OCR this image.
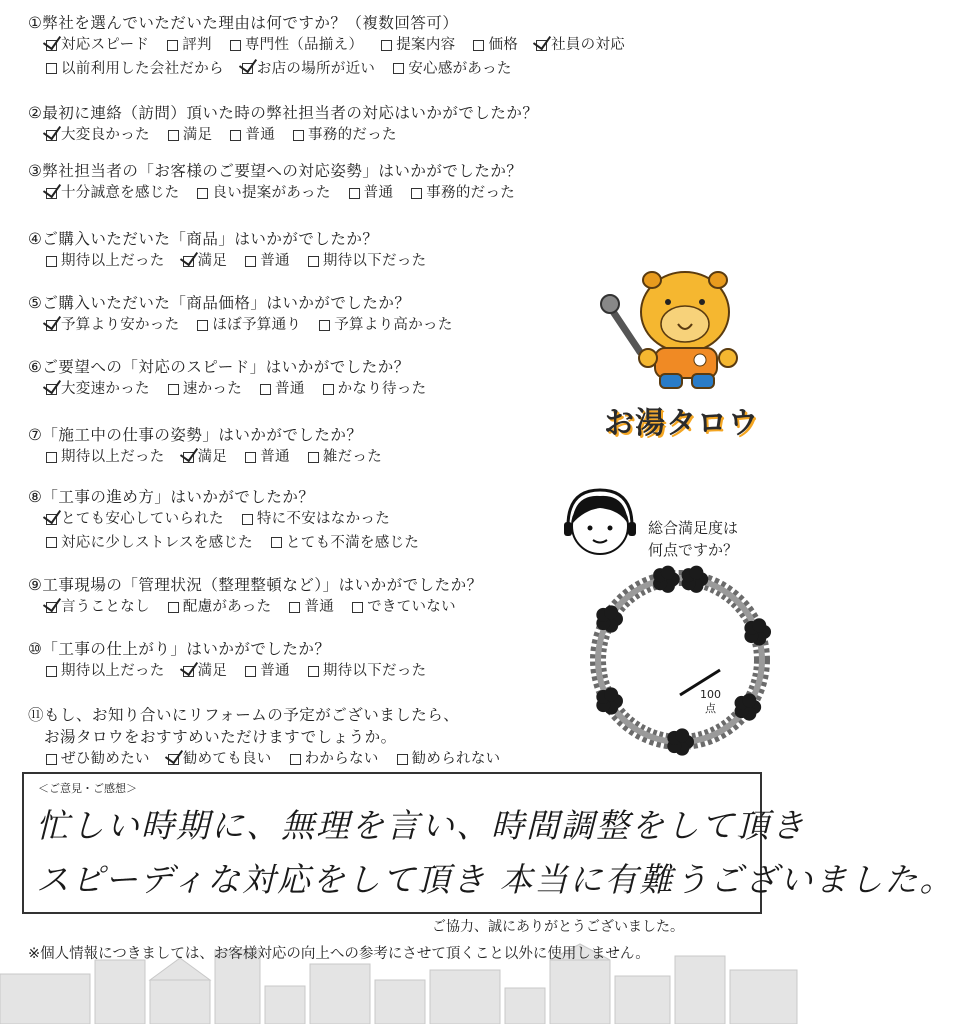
①弊社を選んでいただいた理由は何ですか？（複数回答可）
対応スピード 評判 専門性（品揃え） 提案内容 価格 社員の対応
以前利用した会社だから お店の場所が近い 安心感があった
②最初に連絡（訪問）頂いた時の弊社担当者の対応はいかがでしたか？
大変良かった 満足 普通 事務的だった
③弊社担当者の「お客様のご要望への対応姿勢」はいかがでしたか？
十分誠意を感じた 良い提案があった 普通 事務的だった
④ご購入いただいた「商品」はいかがでしたか？
期待以上だった 満足 普通 期待以下だった
⑤ご購入いただいた「商品価格」はいかがでしたか？
予算より安かった ほぼ予算通り 予算より高かった
⑥ご要望への「対応のスピード」はいかがでしたか？
大変速かった 速かった 普通 かなり待った
⑦「施工中の仕事の姿勢」はいかがでしたか？
期待以上だった 満足 普通 雑だった
⑧「工事の進め方」はいかがでしたか？
とても安心していられた 特に不安はなかった
対応に少しストレスを感じた とても不満を感じた
⑨工事現場の「管理状況（整理整頓など）」はいかがでしたか？
言うことなし 配慮があった 普通 できていない
⑩「工事の仕上がり」はいかがでしたか？
期待以上だった 満足 普通 期待以下だった
⑪もし、お知り合いにリフォームの予定がございましたら、
お湯タロウをおすすめいただけますでしょうか。
ぜひ勧めたい 勧めても良い わからない 勧められない
お湯タロウ
総合満足度は
何点ですか？
100
点
＜ご意見・ご感想＞
忙しい時期に、無理を言い、時間調整をして頂き
スピーディな対応をして頂き 本当に有難うございました。
ご協力、誠にありがとうございました。
※個人情報につきましては、お客様対応の向上への参考にさせて頂くこと以外に使用しません。
